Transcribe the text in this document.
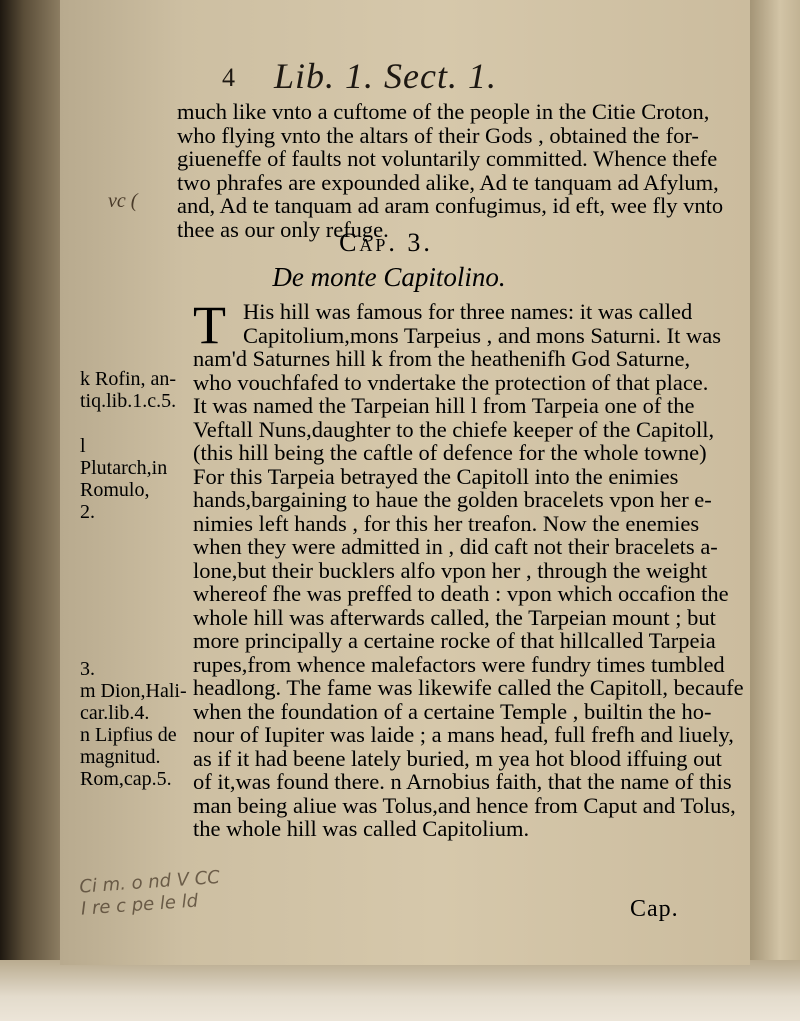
4 Lib. 1. Sect. 1.
much like vnto a cuftome of the people in the Citie Croton,
who flying vnto the altars of their Gods , obtained the for-
giueneffe of faults not voluntarily committed. Whence thefe
two phrafes are expounded alike, Ad te tanquam ad Afylum,
and, Ad te tanquam ad aram confugimus, id eft, wee fly vnto
thee as our only refuge.
vc (
Cap. 3.
De monte Capitolino.
T His hill was famous for three names: it was called
Capitolium,mons Tarpeius , and mons Saturni. It was
nam'd Saturnes hill k from the heathenifh God Saturne,
who vouchfafed to vndertake the protection of that place.
It was named the Tarpeian hill l from Tarpeia one of the
Veftall Nuns,daughter to the chiefe keeper of the Capitoll,
(this hill being the caftle of defence for the whole towne)
For this Tarpeia betrayed the Capitoll into the enimies
hands,bargaining to haue the golden bracelets vpon her e-
nimies left hands , for this her treafon. Now the enemies
when they were admitted in , did caft not their bracelets a-
lone,but their bucklers alfo vpon her , through the weight
whereof fhe was preffed to death : vpon which occafion the
whole hill was afterwards called, the Tarpeian mount ; but
more principally a certaine rocke of that hillcalled Tarpeia
rupes,from whence malefactors were fundry times tumbled
headlong. The fame was likewife called the Capitoll, becaufe
when the foundation of a certaine Temple , builtin the ho-
nour of Iupiter was laide ; a mans head, full frefh and liuely,
as if it had beene lately buried, m yea hot blood iffuing out
of it,was found there. n Arnobius faith, that the name of this
man being aliue was Tolus,and hence from Caput and Tolus,
the whole hill was called Capitolium.
k Rofin, an-
tiq.lib.1.c.5.
l
Plutarch,in
Romulo,
2.
3.
m Dion,Hali-
car.lib.4.
n Lipfius de
magnitud.
Rom,cap.5.
Ci m. o nd V CC
I re c pe le ld	Cap.
